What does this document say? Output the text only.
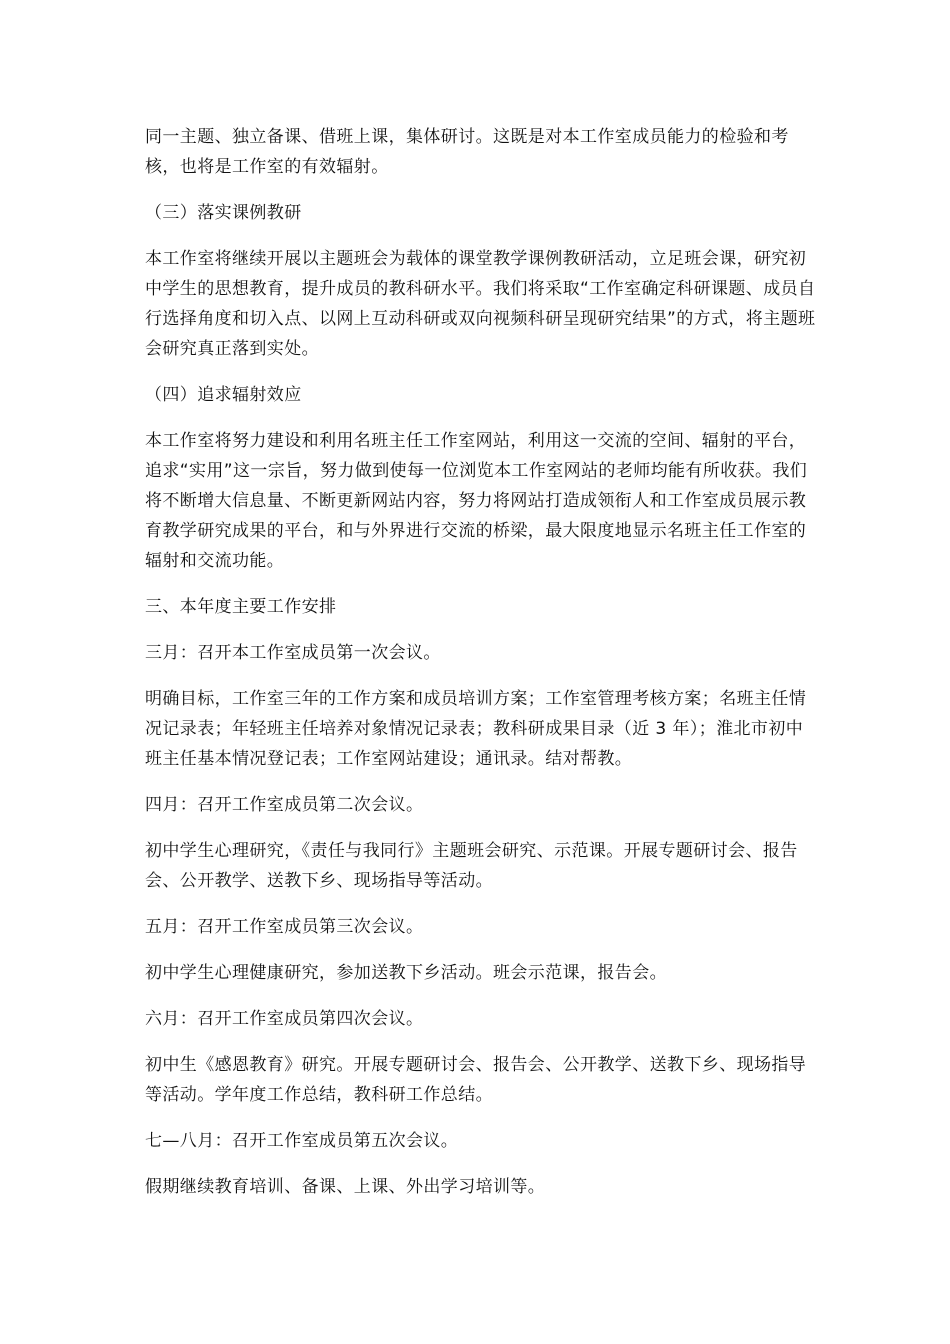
同一主题、独立备课、借班上课，集体研讨。这既是对本工作室成员能力的检验和考核，也将是工作室的有效辐射。

（三）落实课例教研

本工作室将继续开展以主题班会为载体的课堂教学课例教研活动，立足班会课，研究初中学生的思想教育，提升成员的教科研水平。我们将采取“工作室确定科研课题、成员自行选择角度和切入点、以网上互动科研或双向视频科研呈现研究结果”的方式，将主题班会研究真正落到实处。

（四）追求辐射效应

本工作室将努力建设和利用名班主任工作室网站，利用这一交流的空间、辐射的平台，追求“实用”这一宗旨，努力做到使每一位浏览本工作室网站的老师均能有所收获。我们将不断增大信息量、不断更新网站内容，努力将网站打造成领衔人和工作室成员展示教育教学研究成果的平台，和与外界进行交流的桥梁，最大限度地显示名班主任工作室的辐射和交流功能。

三、本年度主要工作安排

三月：召开本工作室成员第一次会议。

明确目标，工作室三年的工作方案和成员培训方案；工作室管理考核方案；名班主任情况记录表；年轻班主任培养对象情况记录表；教科研成果目录（近 3 年）；淮北市初中班主任基本情况登记表；工作室网站建设；通讯录。结对帮教。

四月：召开工作室成员第二次会议。

初中学生心理研究，《责任与我同行》主题班会研究、示范课。开展专题研讨会、报告会、公开教学、送教下乡、现场指导等活动。

五月：召开工作室成员第三次会议。

初中学生心理健康研究，参加送教下乡活动。班会示范课，报告会。

六月：召开工作室成员第四次会议。

初中生《感恩教育》研究。开展专题研讨会、报告会、公开教学、送教下乡、现场指导等活动。学年度工作总结，教科研工作总结。

七—八月：召开工作室成员第五次会议。

假期继续教育培训、备课、上课、外出学习培训等。
